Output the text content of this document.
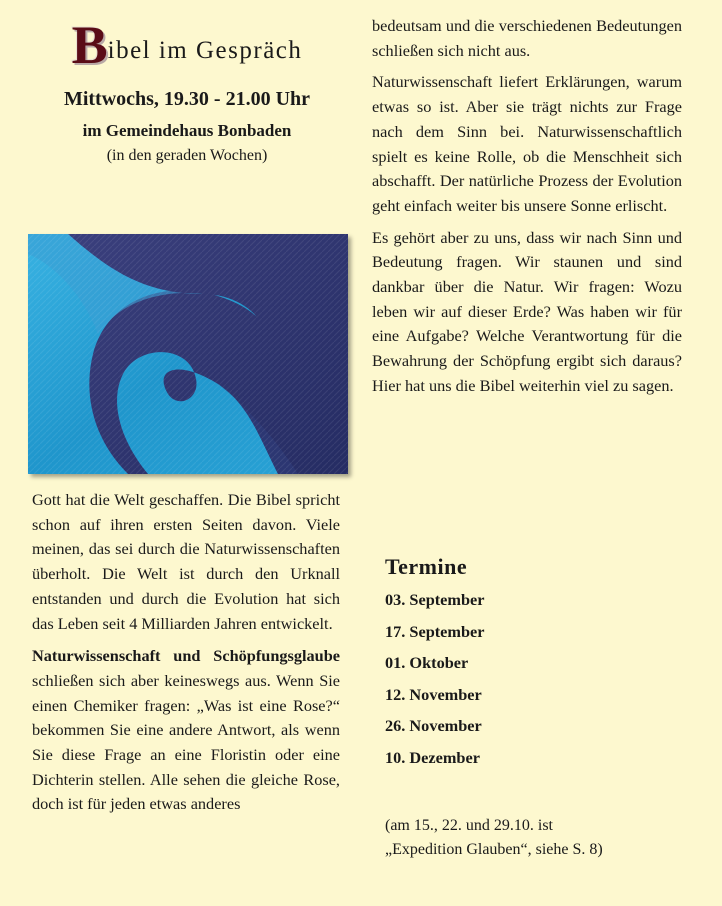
Bibel im Gespräch

Mittwochs, 19.30 - 21.00 Uhr

im Gemeindehaus Bonbaden

(in den geraden Wochen)

Gott hat die Welt geschaffen. Die Bibel spricht schon auf ihren ersten Seiten davon. Viele meinen, das sei durch die Naturwissenschaften überholt. Die Welt ist durch den Urknall entstanden und durch die Evolution hat sich das Leben seit 4 Milliarden Jahren entwickelt.

Naturwissenschaft und Schöpfungsglaube schließen sich aber keineswegs aus. Wenn Sie einen Chemiker fragen: „Was ist eine Rose?“ bekommen Sie eine andere Antwort, als wenn Sie diese Frage an eine Floristin oder eine Dichterin stellen. Alle sehen die gleiche Rose, doch ist für jeden etwas anderes

bedeutsam und die verschiedenen Bedeutungen schließen sich nicht aus.

Naturwissenschaft liefert Erklärungen, warum etwas so ist. Aber sie trägt nichts zur Frage nach dem Sinn bei. Naturwissenschaftlich spielt es keine Rolle, ob die Menschheit sich abschafft. Der natürliche Prozess der Evolution geht einfach weiter bis unsere Sonne erlischt.

Es gehört aber zu uns, dass wir nach Sinn und Bedeutung fragen. Wir staunen und sind dankbar über die Natur. Wir fragen: Wozu leben wir auf dieser Erde? Was haben wir für eine Aufgabe? Welche Verantwortung für die Bewahrung der Schöpfung ergibt sich daraus? Hier hat uns die Bibel weiterhin viel zu sagen.

Termine
03. September
17. September
01. Oktober
12. November
26. November
10. Dezember
(am 15., 22. und 29.10. ist
„Expedition Glauben“, siehe S. 8)
